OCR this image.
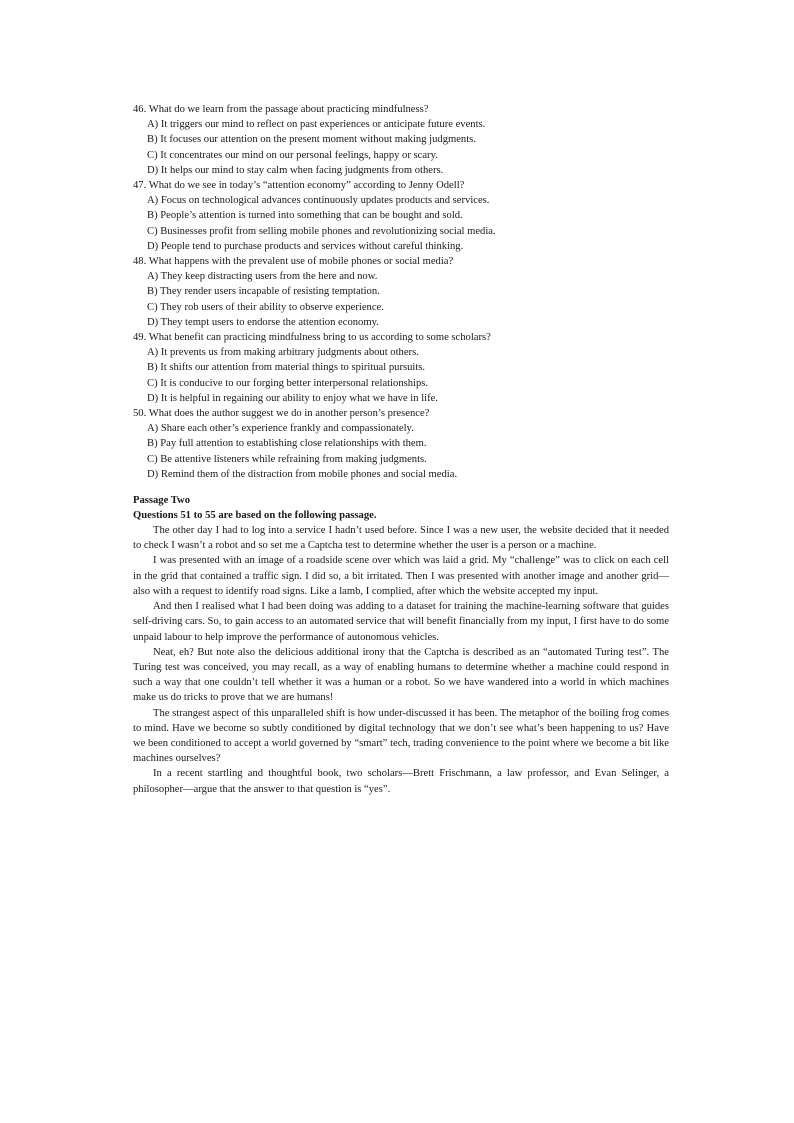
46. What do we learn from the passage about practicing mindfulness?
A) It triggers our mind to reflect on past experiences or anticipate future events.
B) It focuses our attention on the present moment without making judgments.
C) It concentrates our mind on our personal feelings, happy or scary.
D) It helps our mind to stay calm when facing judgments from others.
47. What do we see in today’s “attention economy” according to Jenny Odell?
A) Focus on technological advances continuously updates products and services.
B) People’s attention is turned into something that can be bought and sold.
C) Businesses profit from selling mobile phones and revolutionizing social media.
D) People tend to purchase products and services without careful thinking.
48. What happens with the prevalent use of mobile phones or social media?
A) They keep distracting users from the here and now.
B) They render users incapable of resisting temptation.
C) They rob users of their ability to observe experience.
D) They tempt users to endorse the attention economy.
49. What benefit can practicing mindfulness bring to us according to some scholars?
A) It prevents us from making arbitrary judgments about others.
B) It shifts our attention from material things to spiritual pursuits.
C) It is conducive to our forging better interpersonal relationships.
D) It is helpful in regaining our ability to enjoy what we have in life.
50. What does the author suggest we do in another person’s presence?
A) Share each other’s experience frankly and compassionately.
B) Pay full attention to establishing close relationships with them.
C) Be attentive listeners while refraining from making judgments.
D) Remind them of the distraction from mobile phones and social media.
Passage Two
Questions 51 to 55 are based on the following passage.

The other day I had to log into a service I hadn’t used before. Since I was a new user, the website decided that it needed to check I wasn’t a robot and so set me a Captcha test to determine whether the user is a person or a machine.

I was presented with an image of a roadside scene over which was laid a grid. My “challenge” was to click on each cell in the grid that contained a traffic sign. I did so, a bit irritated. Then I was presented with another image and another grid—also with a request to identify road signs. Like a lamb, I complied, after which the website accepted my input.

And then I realised what I had been doing was adding to a dataset for training the machine-learning software that guides self-driving cars. So, to gain access to an automated service that will benefit financially from my input, I first have to do some unpaid labour to help improve the performance of autonomous vehicles.

Neat, eh? But note also the delicious additional irony that the Captcha is described as an “automated Turing test”. The Turing test was conceived, you may recall, as a way of enabling humans to determine whether a machine could respond in such a way that one couldn’t tell whether it was a human or a robot. So we have wandered into a world in which machines make us do tricks to prove that we are humans!

The strangest aspect of this unparalleled shift is how under-discussed it has been. The metaphor of the boiling frog comes to mind. Have we become so subtly conditioned by digital technology that we don’t see what’s been happening to us? Have we been conditioned to accept a world governed by “smart” tech, trading convenience to the point where we become a bit like machines ourselves?

In a recent startling and thoughtful book, two scholars—Brett Frischmann, a law professor, and Evan Selinger, a philosopher—argue that the answer to that question is “yes”.
